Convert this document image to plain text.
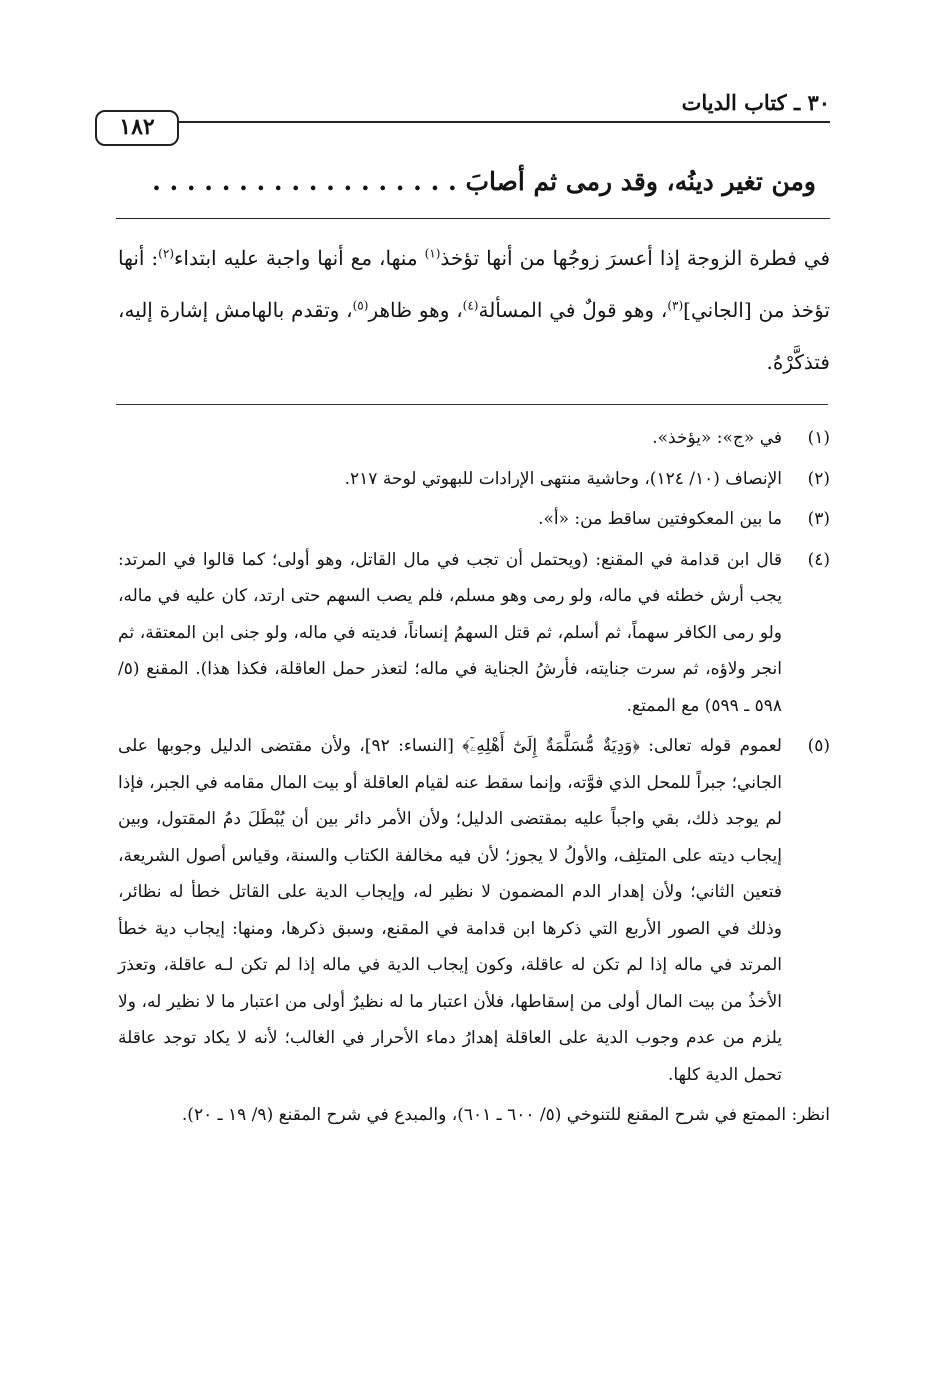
٣٠ ـ كتاب الديات
١٨٢
ومن تغير دينُه، وقد رمى ثم أصابَ . . . . . . . . . . . . . . . . . .
في فطرة الزوجة إذا أعسرَ زوجُها من أنها تؤخذ$^{(١)}$ منها، مع أنها واجبة عليه ابتداء$^{(٢)}$: أنها تؤخذ من [الجاني]$^{(٣)}$، وهو قولٌ في المسألة$^{(٤)}$، وهو ظاهر$^{(٥)}$، وتقدم بالهامش إشارة إليه، فتذكَّرْهُ.
(١)
في «ج»: «يؤخذ».
(٢)
الإنصاف (١٠/ ١٢٤)، وحاشية منتهى الإرادات للبهوتي لوحة ٢١٧.
(٣)
ما بين المعكوفتين ساقط من: «أ».
(٤)
قال ابن قدامة في المقنع: (ويحتمل أن تجب في مال القاتل، وهو أولى؛ كما قالوا في المرتد: يجب أرش خطئه في ماله، ولو رمى وهو مسلم، فلم يصب السهم حتى ارتد، كان عليه في ماله، ولو رمى الكافر سهماً، ثم أسلم، ثم قتل السهمُ إنساناً، فديته في ماله، ولو جنى ابن المعتقة، ثم انجر ولاؤه، ثم سرت جنايته، فأرشُ الجناية في ماله؛ لتعذر حمل العاقلة، فكذا هذا). المقنع (٥/ ٥٩٨ ـ ٥٩٩) مع الممتع.
(٥)
لعموم قوله تعالى: ﴿وَدِيَةٌ مُّسَلَّمَةٌ إِلَىٰٓ أَهْلِهِۦٓ﴾ [النساء: ٩٢]، ولأن مقتضى الدليل وجوبها على الجاني؛ جبراً للمحل الذي فوَّته، وإنما سقط عنه لقيام العاقلة أو بيت المال مقامه في الجبر، فإذا لم يوجد ذلك، بقي واجباً عليه بمقتضى الدليل؛ ولأن الأمر دائر بين أن يُبْطَلَ دمُ المقتول، وبين إيجاب ديته على المتلِف، والأولُ لا يجوز؛ لأن فيه مخالفة الكتاب والسنة، وقياس أصول الشريعة، فتعين الثاني؛ ولأن إهدار الدم المضمون لا نظير له، وإيجاب الدية على القاتل خطأ له نظائر، وذلك في الصور الأربع التي ذكرها ابن قدامة في المقنع، وسبق ذكرها، ومنها: إيجاب دية خطأ المرتد في ماله إذا لم تكن له عاقلة، وكون إيجاب الدية في ماله إذا لم تكن لـه عاقلة، وتعذرَ الأخذُ من بيت المال أولى من إسقاطها، فلأن اعتبار ما له نظيرٌ أولى من اعتبار ما لا نظير له، ولا يلزم من عدم وجوب الدية على العاقلة إهدارُ دماء الأحرار في الغالب؛ لأنه لا يكاد توجد عاقلة تحمل الدية كلها.
انظر: الممتع في شرح المقنع للتنوخي (٥/ ٦٠٠ ـ ٦٠١)، والمبدع في شرح المقنع (٩/ ١٩ ـ ٢٠).
